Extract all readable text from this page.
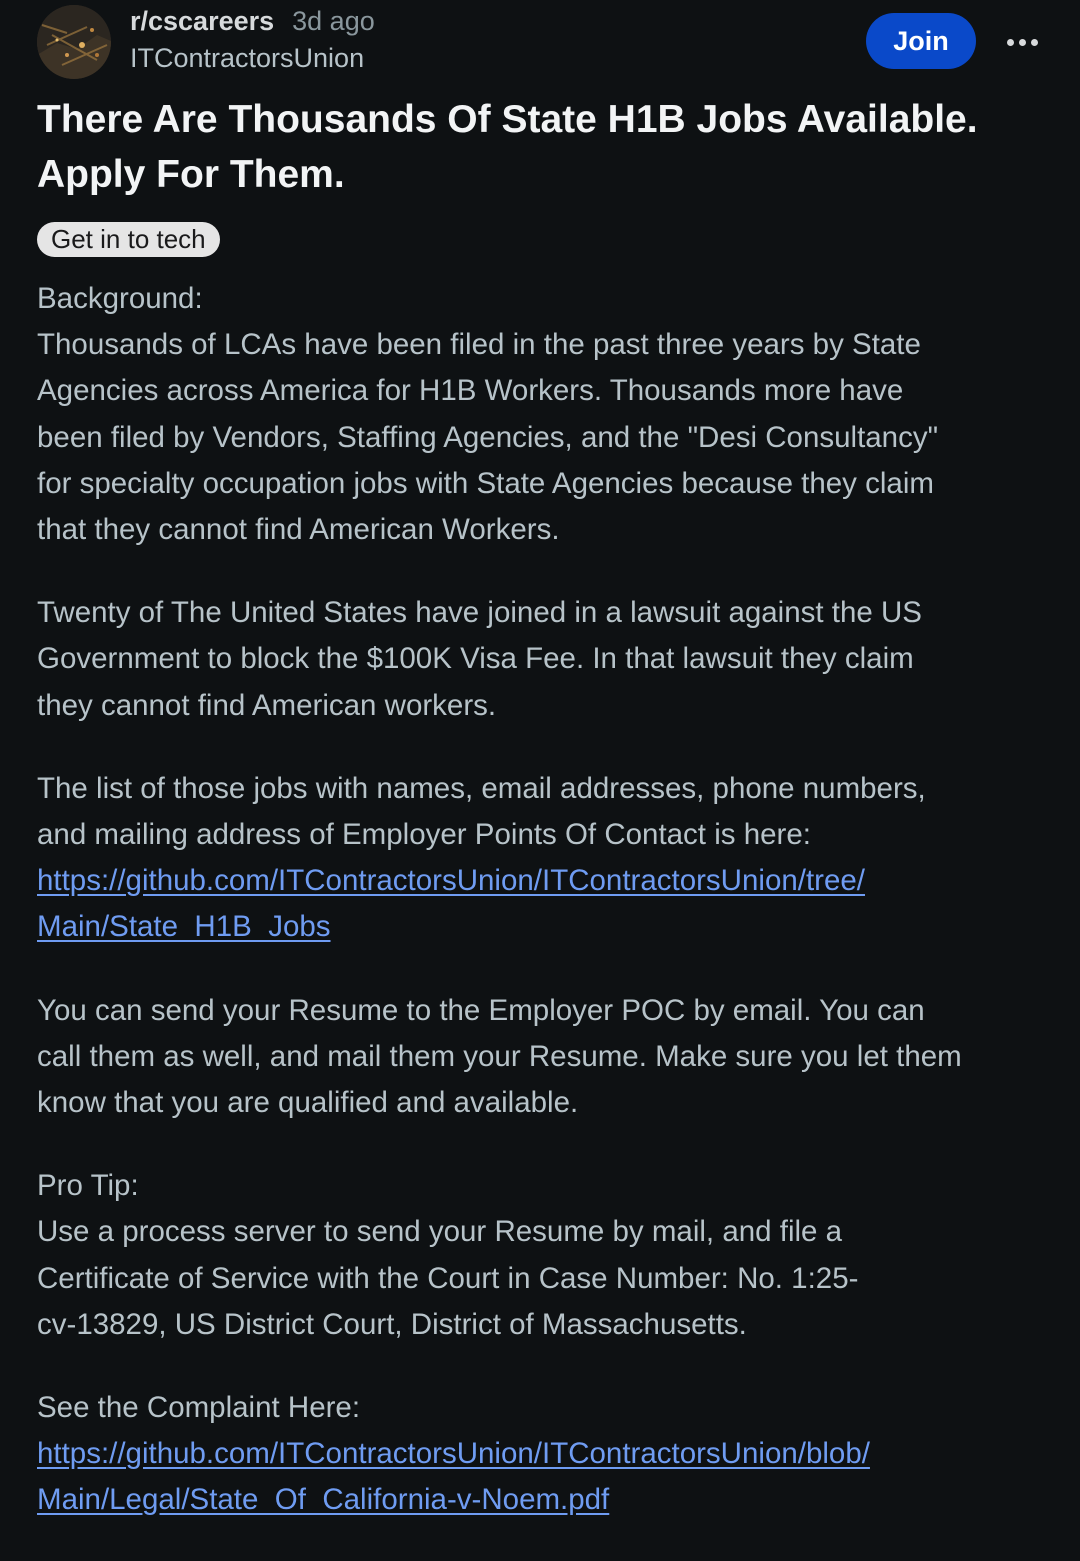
r/cscareers 3d ago
ITContractorsUnion
Join
There Are Thousands Of State H1B Jobs Available.
Apply For Them.
Get in to tech
Background:
Thousands of LCAs have been filed in the past three years by State
Agencies across America for H1B Workers. Thousands more have
been filed by Vendors, Staffing Agencies, and the "Desi Consultancy"
for specialty occupation jobs with State Agencies because they claim
that they cannot find American Workers.
Twenty of The United States have joined in a lawsuit against the US
Government to block the $100K Visa Fee. In that lawsuit they claim
they cannot find American workers.
The list of those jobs with names, email addresses, phone numbers,
and mailing address of Employer Points Of Contact is here:
https://github.com/ITContractorsUnion/ITContractorsUnion/tree/
Main/State_H1B_Jobs
You can send your Resume to the Employer POC by email. You can
call them as well, and mail them your Resume. Make sure you let them
know that you are qualified and available.
Pro Tip:
Use a process server to send your Resume by mail, and file a
Certificate of Service with the Court in Case Number: No. 1:25-
cv-13829, US District Court, District of Massachusetts.
See the Complaint Here:
https://github.com/ITContractorsUnion/ITContractorsUnion/blob/
Main/Legal/State_Of_California-v-Noem.pdf
